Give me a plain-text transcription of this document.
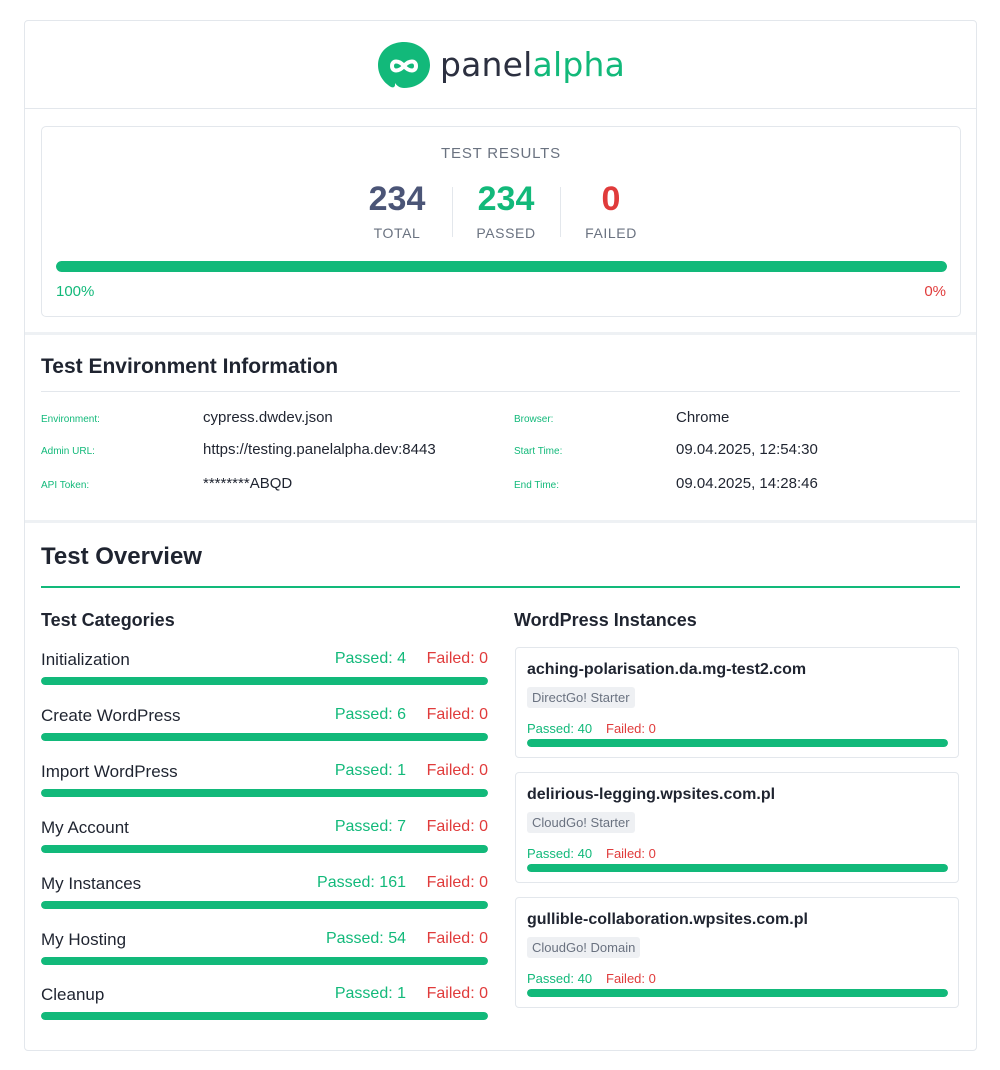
panelalpha
TEST RESULTS
234
TOTAL
234
PASSED
0
FAILED
100%	0%
Test Environment Information
Environment:	cypress.dwdev.json
Admin URL:	https://testing.panelalpha.dev:8443
API Token:	********ABQD
Browser:	Chrome
Start Time:	09.04.2025, 12:54:30
End Time:	09.04.2025, 14:28:46
Test Overview
Test Categories	WordPress Instances
Initialization	Passed: 4 Failed: 0
Create WordPress	Passed: 6 Failed: 0
Import WordPress	Passed: 1 Failed: 0
My Account	Passed: 7 Failed: 0
My Instances	Passed: 161 Failed: 0
My Hosting	Passed: 54 Failed: 0
Cleanup	Passed: 1 Failed: 0
aching-polarisation.da.mg-test2.com
DirectGo! Starter
Passed: 40 Failed: 0
delirious-legging.wpsites.com.pl
CloudGo! Starter
Passed: 40 Failed: 0
gullible-collaboration.wpsites.com.pl
CloudGo! Domain
Passed: 40 Failed: 0
